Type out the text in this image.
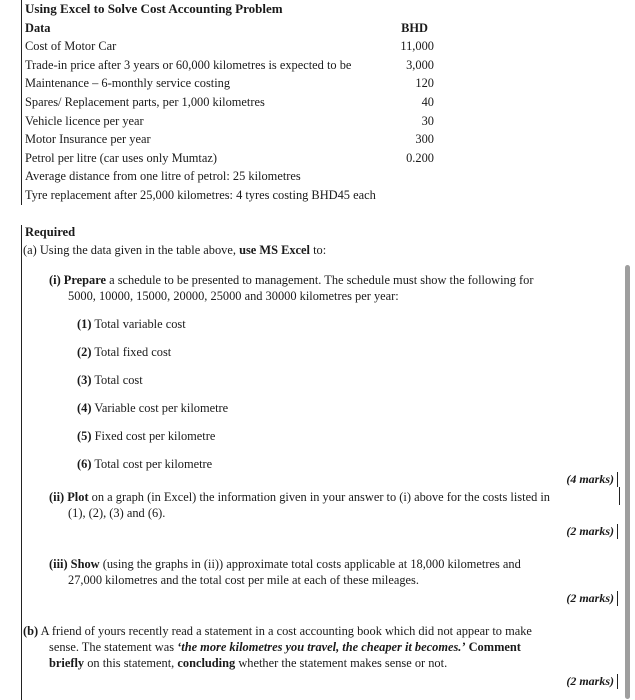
Using Excel to Solve Cost Accounting Problem
Data	BHD
Cost of Motor Car	11,000
Trade-in price after 3 years or 60,000 kilometres is expected to be	3,000
Maintenance – 6-monthly service costing	120
Spares/ Replacement parts, per 1,000 kilometres	40
Vehicle licence per year	30
Motor Insurance per year	300
Petrol per litre (car uses only Mumtaz)	0.200
Average distance from one litre of petrol: 25 kilometres
Tyre replacement after 25,000 kilometres: 4 tyres costing BHD45 each
Required
(a) Using the data given in the table above, use MS Excel to:
(i) Prepare a schedule to be presented to management. The schedule must show the following for
5000, 10000, 15000, 20000, 25000 and 30000 kilometres per year:
(1) Total variable cost
(2) Total fixed cost
(3) Total cost
(4) Variable cost per kilometre
(5) Fixed cost per kilometre
(6) Total cost per kilometre
(4 marks)
(ii) Plot on a graph (in Excel) the information given in your answer to (i) above for the costs listed in
(1), (2), (3) and (6).
(2 marks)
(iii) Show (using the graphs in (ii)) approximate total costs applicable at 18,000 kilometres and
27,000 kilometres and the total cost per mile at each of these mileages.
(2 marks)
(b) A friend of yours recently read a statement in a cost accounting book which did not appear to make
sense. The statement was ‘the more kilometres you travel, the cheaper it becomes.’ Comment
briefly on this statement, concluding whether the statement makes sense or not.
(2 marks)
